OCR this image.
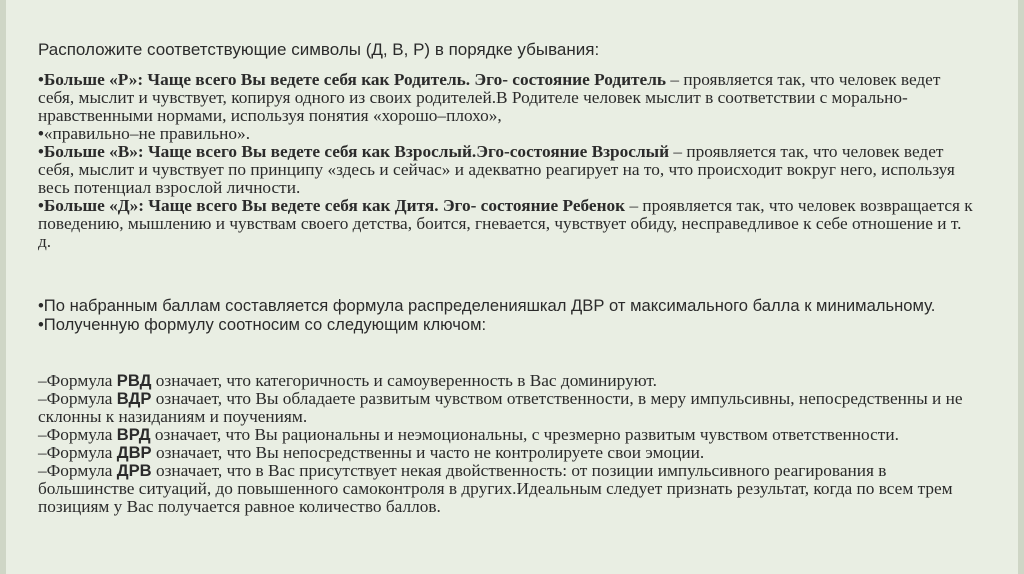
Расположите соответствующие символы (Д, В, Р) в порядке убывания:

•Больше «Р»: Чаще всего Вы ведете себя как Родитель. Эго- состояние Родитель – проявляется так, что человек ведет себя, мыслит и чувствует, копируя одного из своих родителей.В Родителе человек мыслит в соответствии с морально- нравственными нормами, используя понятия «хорошо–плохо»,

•«правильно–не правильно».

•Больше «В»: Чаще всего Вы ведете себя как Взрослый.Эго-состояние Взрослый – проявляется так, что человек ведет себя, мыслит и чувствует по принципу «здесь и сейчас» и адекватно реагирует на то, что происходит вокруг него, используя весь потенциал взрослой личности.

•Больше «Д»: Чаще всего Вы ведете себя как Дитя. Эго- состояние Ребенок – проявляется так, что человек возвращается к поведению, мышлению и чувствам своего детства, боится, гневается, чувствует обиду, несправедливое к себе отношение и т. д.

•По набранным баллам составляется формула распределенияшкал ДВР от максимального балла к минимальному.

•Полученную формулу соотносим со следующим ключом:

–Формула РВД означает, что категоричность и самоуверенность в Вас доминируют.

–Формула ВДР означает, что Вы обладаете развитым чувством ответственности, в меру импульсивны, непосредственны и не склонны к назиданиям и поучениям.

–Формула ВРД означает, что Вы рациональны и неэмоциональны, с чрезмерно развитым чувством ответственности.

–Формула ДВР означает, что Вы непосредственны и часто не контролируете свои эмоции.

–Формула ДРВ означает, что в Вас присутствует некая двойственность: от позиции импульсивного реагирования в большинстве ситуаций, до повышенного самоконтроля в других.Идеальным следует признать результат, когда по всем трем позициям у Вас получается равное количество баллов.
